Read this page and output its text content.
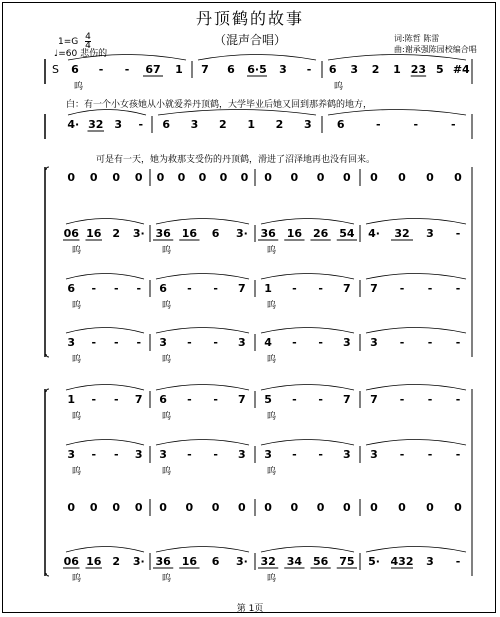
丹顶鹤的故事
（混声合唱）	词:陈哲 陈雷
曲:谢承强陈园校编合唱
$1=G \frac{4}{4}$
♩=60 悲伤的
白：有一个小女孩她从小就爱养丹顶鹤，大学毕业后她又回到那养鹤的地方，
可是有一天，她为救那支受伤的丹顶鹤，滑进了沼泽地再也没有回来。
S 6 - - 67 1 7 6 6·5 3 - 6 3 2 1 23 5 #4
呜	呜
4· 32 3 - 6 3 2 1 2 3 6	-	-	-
0 0 0 0 0 0 0 0 0 0 0 0 0 0 0 0 0
06 16 2 3· 36 16 6 3· 36 16 26 54 4· 32 3 -
呜	呜	呜
6 - - - 6 - - 7 1 - - 7 7 - - -
呜	呜	呜
3 - - - 3 - - 3 4 - - 3 3 - - -
呜	呜	呜
1 - - 7 6 - - 7 5 - - 7 7 - - -
呜	呜	呜
3 - - 3 3 - - 3 3 - - 3 3 - - -
呜	呜	呜
0 0 0 0 0 0 0 0 0 0 0 0 0 0 0 0
06 16 2 3· 36 16 6 3· 32 34 56 75 5· 432 3 -
呜	呜	呜
第 1页
